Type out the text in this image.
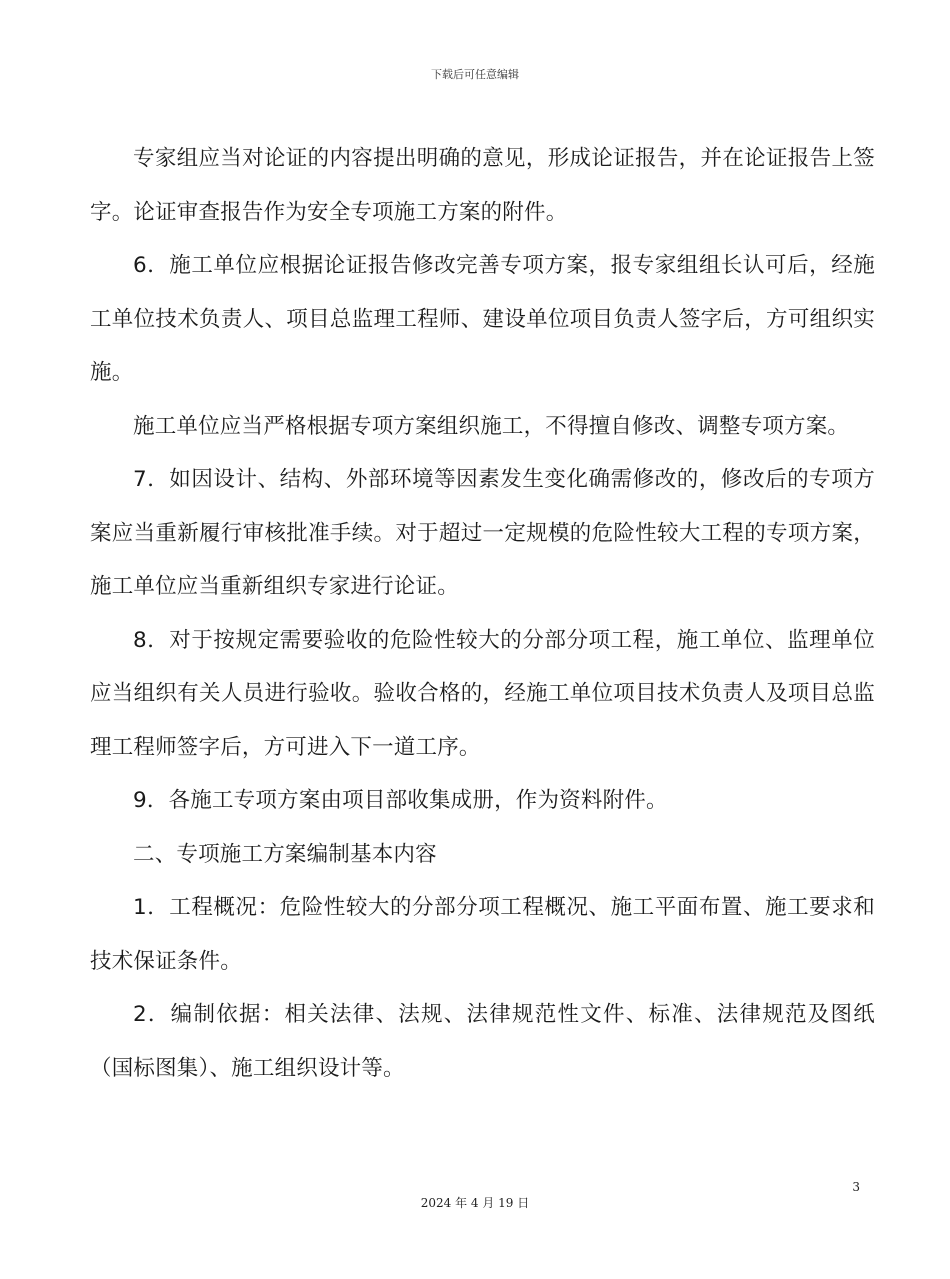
下载后可任意编辑

专家组应当对论证的内容提出明确的意见，形成论证报告，并在论证报告上签字。论证审查报告作为安全专项施工方案的附件。

6．施工单位应根据论证报告修改完善专项方案，报专家组组长认可后，经施工单位技术负责人、项目总监理工程师、建设单位项目负责人签字后，方可组织实施。

施工单位应当严格根据专项方案组织施工，不得擅自修改、调整专项方案。

7．如因设计、结构、外部环境等因素发生变化确需修改的，修改后的专项方案应当重新履行审核批准手续。对于超过一定规模的危险性较大工程的专项方案，施工单位应当重新组织专家进行论证。

8．对于按规定需要验收的危险性较大的分部分项工程，施工单位、监理单位应当组织有关人员进行验收。验收合格的，经施工单位项目技术负责人及项目总监理工程师签字后，方可进入下一道工序。

9．各施工专项方案由项目部收集成册，作为资料附件。

二、专项施工方案编制基本内容

1．工程概况：危险性较大的分部分项工程概况、施工平面布置、施工要求和技术保证条件。

2．编制依据：相关法律、法规、法律规范性文件、标准、法律规范及图纸（国标图集）、施工组织设计等。

3
2024 年 4 月 19 日
